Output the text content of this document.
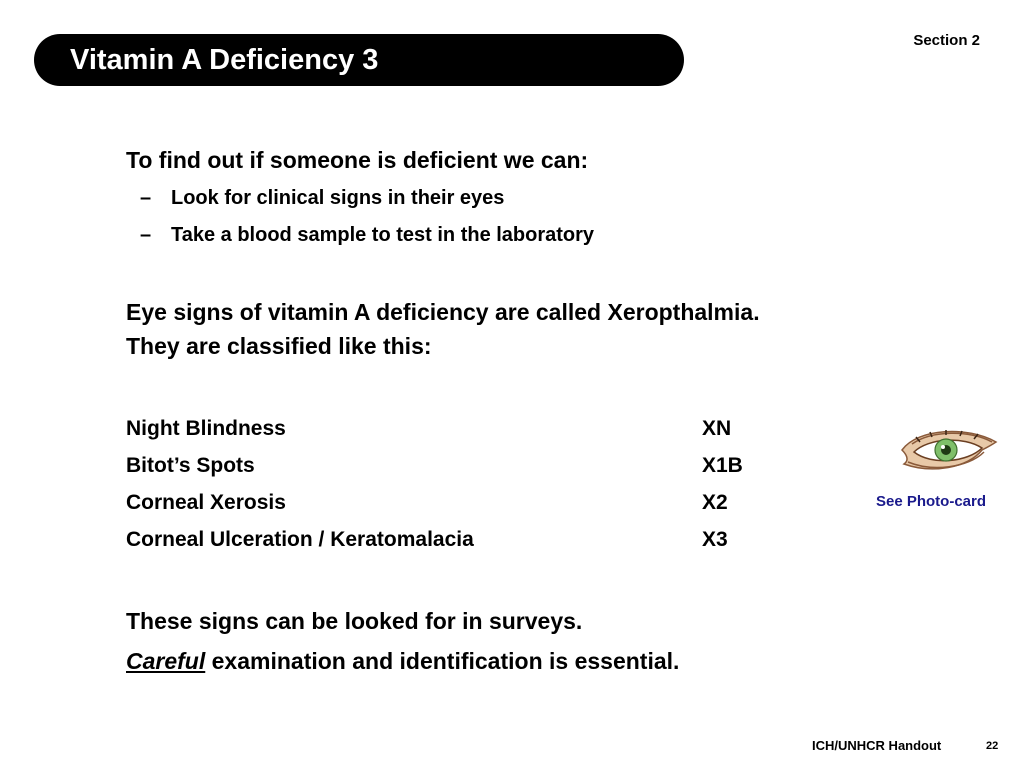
Vitamin A Deficiency 3
Section 2
To find out if someone is deficient we can:
– Look for clinical signs in their eyes
– Take a blood sample to test in the laboratory
Eye signs of vitamin A deficiency are called Xeropthalmia.
They are classified like this:
Night Blindness	XN
Bitot’s Spots	X1B
Corneal Xerosis	X2
Corneal Ulceration / Keratomalacia	X3
These signs can be looked for in surveys.
Careful examination and identification is essential.
See Photo-card
ICH/UNHCR Handout	22
